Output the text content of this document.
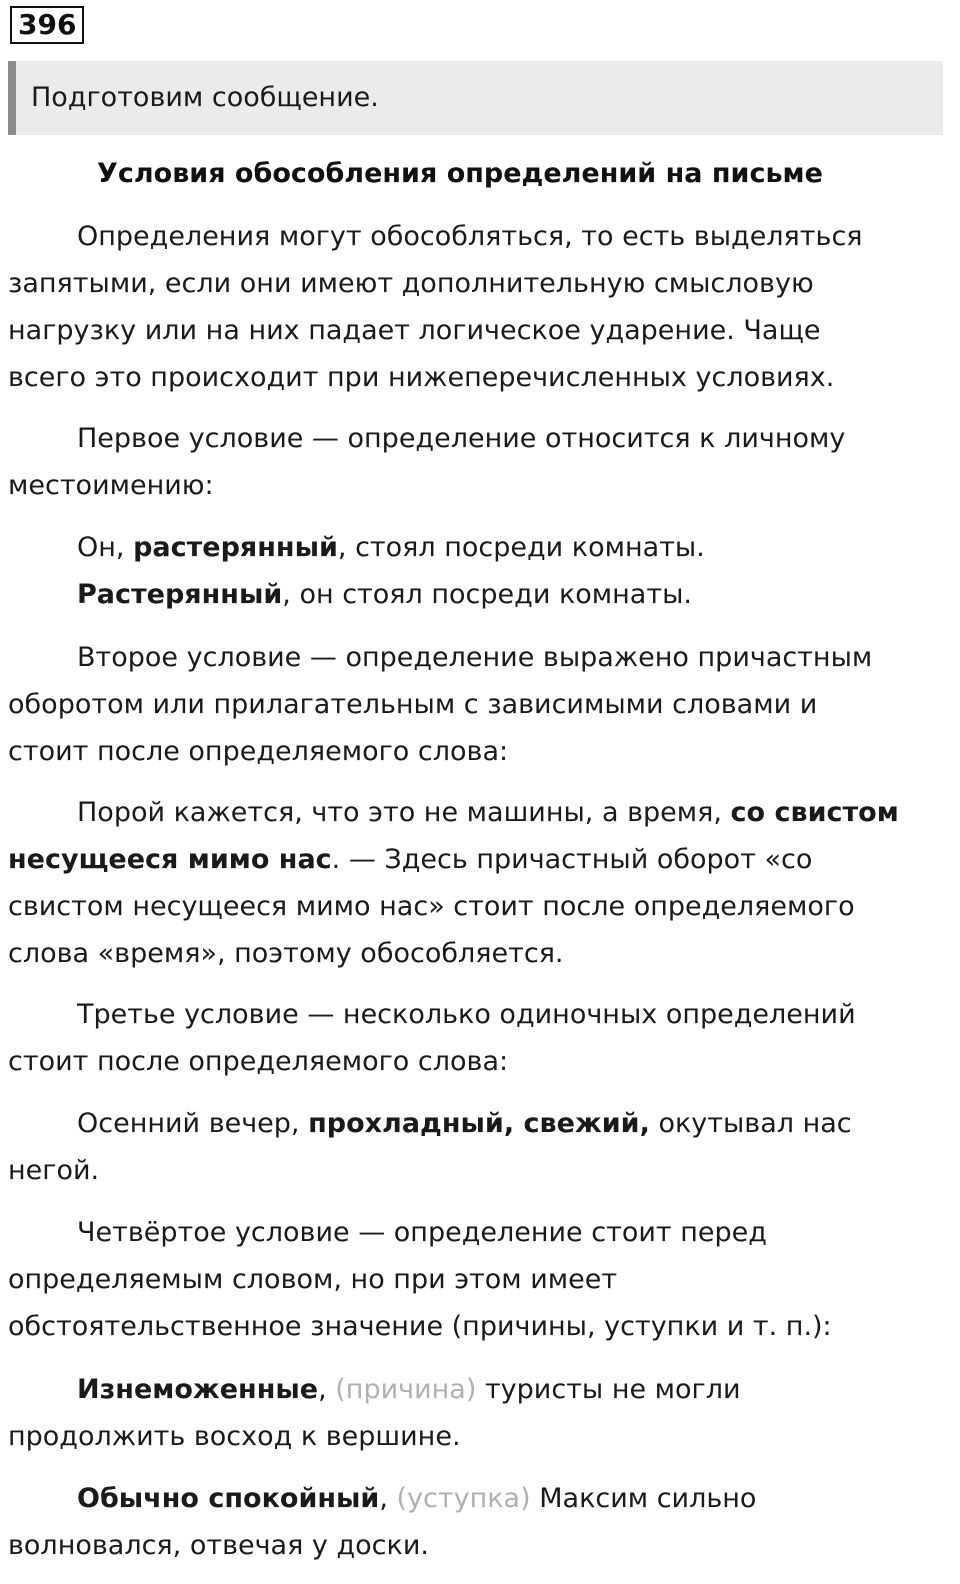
396
Подготовим сообщение.
Условия обособления определений на письме
Определения могут обособляться, то есть выделяться
запятыми, если они имеют дополнительную смысловую
нагрузку или на них падает логическое ударение. Чаще
всего это происходит при нижеперечисленных условиях.
Первое условие — определение относится к личному
местоимению:
Он, растерянный, стоял посреди комнаты.
Растерянный, он стоял посреди комнаты.
Второе условие — определение выражено причастным
оборотом или прилагательным с зависимыми словами и
стоит после определяемого слова:
Порой кажется, что это не машины, а время, со свистом
несущееся мимо нас. — Здесь причастный оборот «со
свистом несущееся мимо нас» стоит после определяемого
слова «время», поэтому обособляется.
Третье условие — несколько одиночных определений
стоит после определяемого слова:
Осенний вечер, прохладный, свежий, окутывал нас
негой.
Четвёртое условие — определение стоит перед
определяемым словом, но при этом имеет
обстоятельственное значение (причины, уступки и т. п.):
Изнеможенные, (причина) туристы не могли
продолжить восход к вершине.
Обычно спокойный, (уступка) Максим сильно
волновался, отвечая у доски.
